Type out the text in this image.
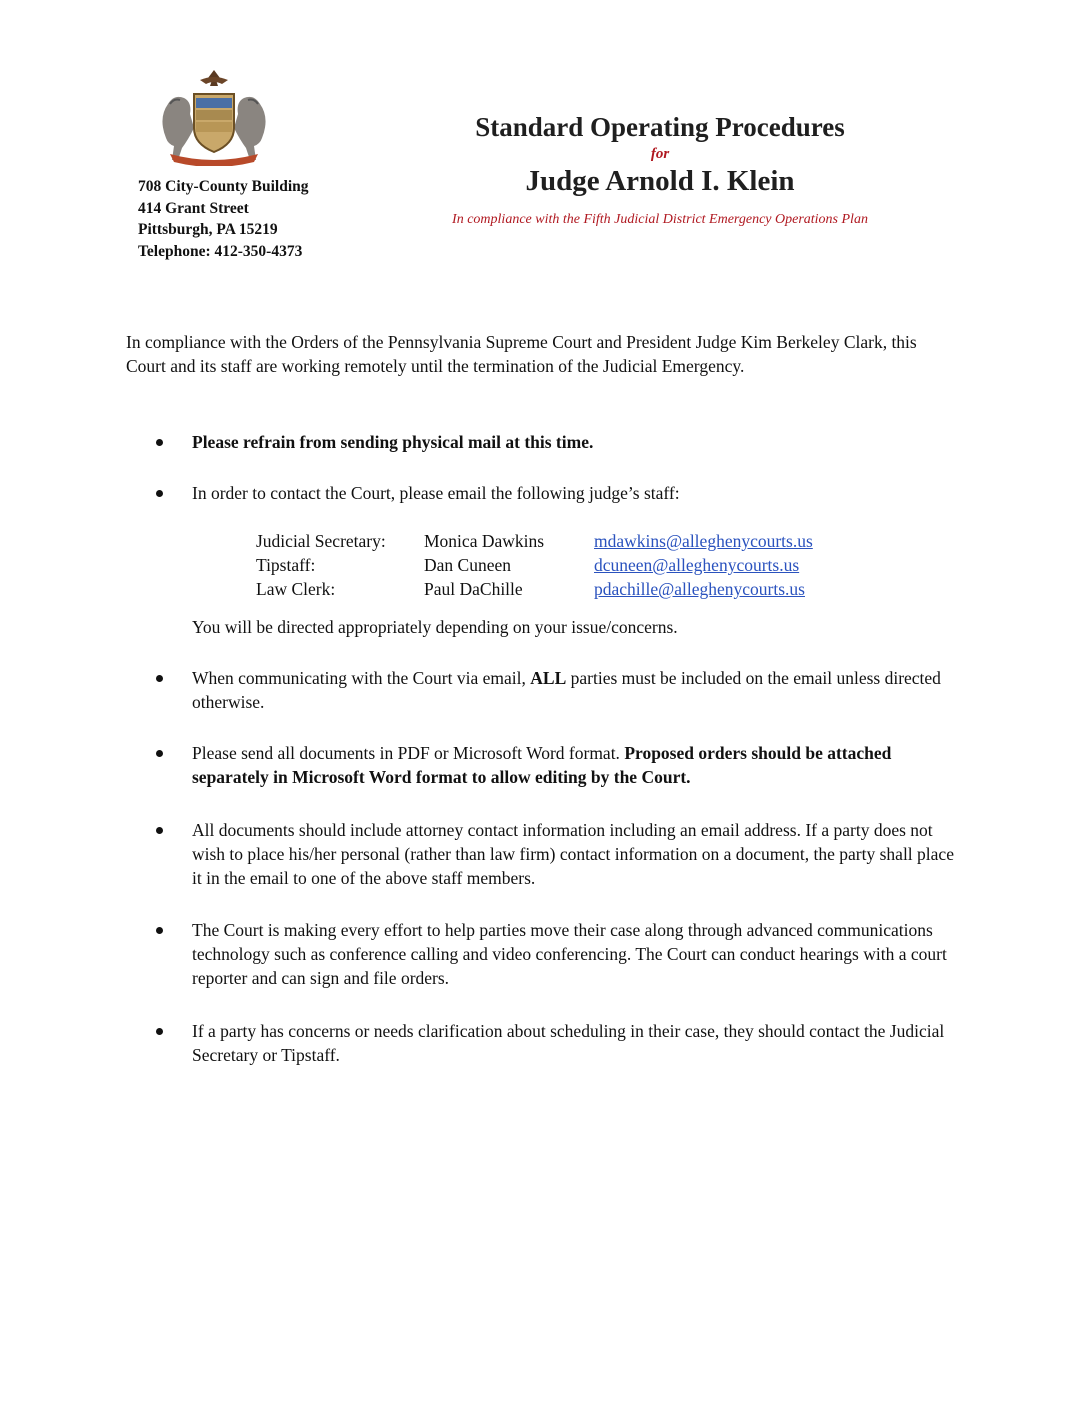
708 City-County Building
414 Grant Street
Pittsburgh, PA 15219
Telephone: 412-350-4373
Standard Operating Procedures
for
Judge Arnold I. Klein
In compliance with the Fifth Judicial District Emergency Operations Plan
In compliance with the Orders of the Pennsylvania Supreme Court and President Judge Kim Berkeley Clark, this Court and its staff are working remotely until the termination of the Judicial Emergency.
Please refrain from sending physical mail at this time.
In order to contact the Court, please email the following judge’s staff:
Judicial Secretary: Monica Dawkins	mdawkins@alleghenycourts.us
Tipstaff:	Dan Cuneen	dcuneen@alleghenycourts.us
Law Clerk:	Paul DaChille	pdachille@alleghenycourts.us
You will be directed appropriately depending on your issue/concerns.
When communicating with the Court via email, ALL parties must be included on the email unless directed otherwise.
Please send all documents in PDF or Microsoft Word format. Proposed orders should be attached separately in Microsoft Word format to allow editing by the Court.
All documents should include attorney contact information including an email address. If a party does not wish to place his/her personal (rather than law firm) contact information on a document, the party shall place it in the email to one of the above staff members.
The Court is making every effort to help parties move their case along through advanced communications technology such as conference calling and video conferencing. The Court can conduct hearings with a court reporter and can sign and file orders.
If a party has concerns or needs clarification about scheduling in their case, they should contact the Judicial Secretary or Tipstaff.
